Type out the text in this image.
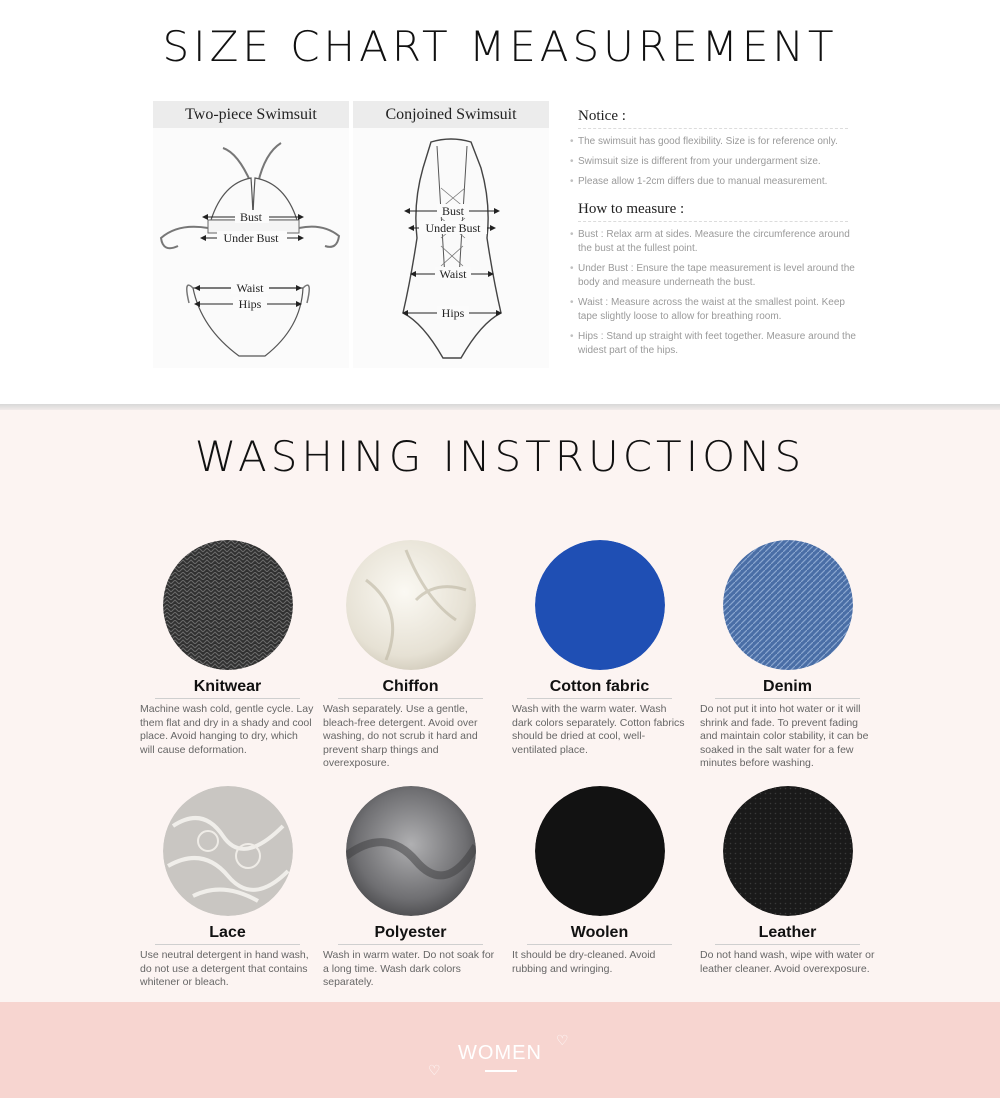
SIZE CHART MEASUREMENT
Two-piece Swimsuit
Bust
Under Bust
Waist
Hips
Conjoined Swimsuit
Bust
Under Bust
Waist
Hips
Notice :
• The swimsuit has good flexibility. Size is for reference only.
• Swimsuit size is different from your undergarment size.
• Please allow 1-2cm differs due to manual measurement.
How to measure :
• Bust : Relax arm at sides. Measure the circumference around the bust at the fullest point.
• Under Bust : Ensure the tape measurement is level around the body and measure underneath the bust.
• Waist : Measure across the waist at the smallest point. Keep tape slightly loose to allow for breathing room.
• Hips : Stand up straight with feet together. Measure around the widest part of the hips.
WASHING INSTRUCTIONS
Knitwear
Machine wash cold, gentle cycle. Lay them flat and dry in a shady and cool place. Avoid hanging to dry, which will cause deformation.
Chiffon
Wash separately. Use a gentle, bleach-free detergent. Avoid over washing, do not scrub it hard and prevent sharp things and overexposure.
Cotton fabric
Wash with the warm water. Wash dark colors separately. Cotton fabrics should be dried at cool, well-ventilated place.
Denim
Do not put it into hot water or it will shrink and fade. To prevent fading and maintain color stability, it can be soaked in the salt water for a few minutes before washing.
Lace
Use neutral detergent in hand wash, do not use a detergent that contains whitener or bleach.
Polyester
Wash in warm water. Do not soak for a long time. Wash dark colors separately.
Woolen
It should be dry-cleaned. Avoid rubbing and wringing.
Leather
Do not hand wash, wipe with water or leather cleaner. Avoid overexposure.
♡
♡
WOMEN
